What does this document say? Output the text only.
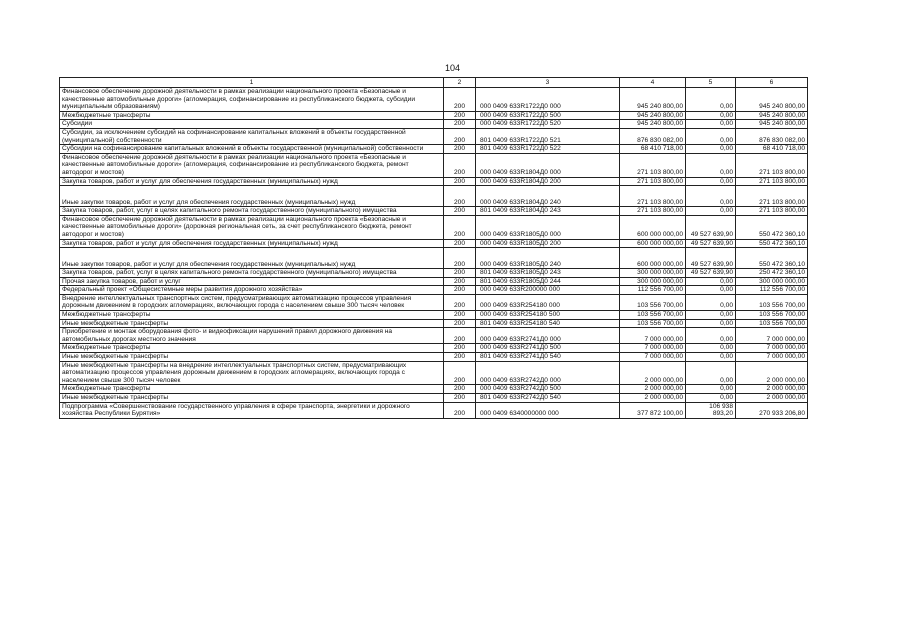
104
1	2	3	4	5	6
Финансовое обеспечение дорожной деятельности в рамках реализации национального проекта «Безопасные и качественные автомобильные дороги» (агломерация, софинансирование из республиканского бюджета, субсидии муниципальным образованиям)	200	000 0409 633R1722Д0 000	945 240 800,00	0,00	945 240 800,00
Межбюджетные трансферты	200	000 0409 633R1722Д0 500	945 240 800,00	0,00	945 240 800,00
Субсидии	200	000 0409 633R1722Д0 520	945 240 800,00	0,00	945 240 800,00
Субсидии, за исключением субсидий на софинансирование капитальных вложений в объекты государственной (муниципальной) собственности	200	801 0409 633R1722Д0 521	876 830 082,00	0,00	876 830 082,00
Субсидии на софинансирование капитальных вложений в объекты государственной (муниципальной) собственности	200	801 0409 633R1722Д0 522	68 410 718,00	0,00	68 410 718,00
Финансовое обеспечение дорожной деятельности в рамках реализации национального проекта «Безопасные и качественные автомобильные дороги» (агломерация, софинансирование из республиканского бюджета, ремонт автодорог и мостов)	200	000 0409 633R1804Д0 000	271 103 800,00	0,00	271 103 800,00
Закупка товаров, работ и услуг для обеспечения государственных (муниципальных) нужд	200	000 0409 633R1804Д0 200	271 103 800,00	0,00	271 103 800,00
Иные закупки товаров, работ и услуг для обеспечения государственных (муниципальных) нужд	200	000 0409 633R1804Д0 240	271 103 800,00	0,00	271 103 800,00
Закупка товаров, работ, услуг в целях капитального ремонта государственного (муниципального) имущества	200	801 0409 633R1804Д0 243	271 103 800,00	0,00	271 103 800,00
Финансовое обеспечение дорожной деятельности в рамках реализации национального проекта «Безопасные и качественные автомобильные дороги» (дорожная региональная сеть, за счет республиканского бюджета, ремонт автодорог и мостов)	200	000 0409 633R1805Д0 000	600 000 000,00	49 527 639,90	550 472 360,10
Закупка товаров, работ и услуг для обеспечения государственных (муниципальных) нужд	200	000 0409 633R1805Д0 200	600 000 000,00	49 527 639,90	550 472 360,10
Иные закупки товаров, работ и услуг для обеспечения государственных (муниципальных) нужд	200	000 0409 633R1805Д0 240	600 000 000,00	49 527 639,90	550 472 360,10
Закупка товаров, работ, услуг в целях капитального ремонта государственного (муниципального) имущества	200	801 0409 633R1805Д0 243	300 000 000,00	49 527 639,90	250 472 360,10
Прочая закупка товаров, работ и услуг	200	801 0409 633R1805Д0 244	300 000 000,00	0,00	300 000 000,00
Федеральный проект «Общесистемные меры развития дорожного хозяйства»	200	000 0409 633R200000 000	112 556 700,00	0,00	112 556 700,00
Внедрение интеллектуальных транспортных систем, предусматривающих автоматизацию процессов управления дорожным движением в городских агломерациях, включающих города с населением свыше 300 тысяч человек	200	000 0409 633R254180 000	103 556 700,00	0,00	103 556 700,00
Межбюджетные трансферты	200	000 0409 633R254180 500	103 556 700,00	0,00	103 556 700,00
Иные межбюджетные трансферты	200	801 0409 633R254180 540	103 556 700,00	0,00	103 556 700,00
Приобретение и монтаж оборудования фото- и видеофиксации нарушений правил дорожного движения на автомобильных дорогах местного значения	200	000 0409 633R2741Д0 000	7 000 000,00	0,00	7 000 000,00
Межбюджетные трансферты	200	000 0409 633R2741Д0 500	7 000 000,00	0,00	7 000 000,00
Иные межбюджетные трансферты	200	801 0409 633R2741Д0 540	7 000 000,00	0,00	7 000 000,00
Иные межбюджетные трансферты на внедрение интеллектуальных транспортных систем, предусматривающих автоматизацию процессов управления дорожным движением в городских агломерациях, включающих города с населением свыше 300 тысяч человек	200	000 0409 633R2742Д0 000	2 000 000,00	0,00	2 000 000,00
Межбюджетные трансферты	200	000 0409 633R2742Д0 500	2 000 000,00	0,00	2 000 000,00
Иные межбюджетные трансферты	200	801 0409 633R2742Д0 540	2 000 000,00	0,00	2 000 000,00
Подпрограмма «Совершенствование государственного управления в сфере транспорта, энергетики и дорожного хозяйства Республики Бурятия»	200	000 0409 6340000000 000	377 872 100,00	106 938 893,20	270 933 206,80
